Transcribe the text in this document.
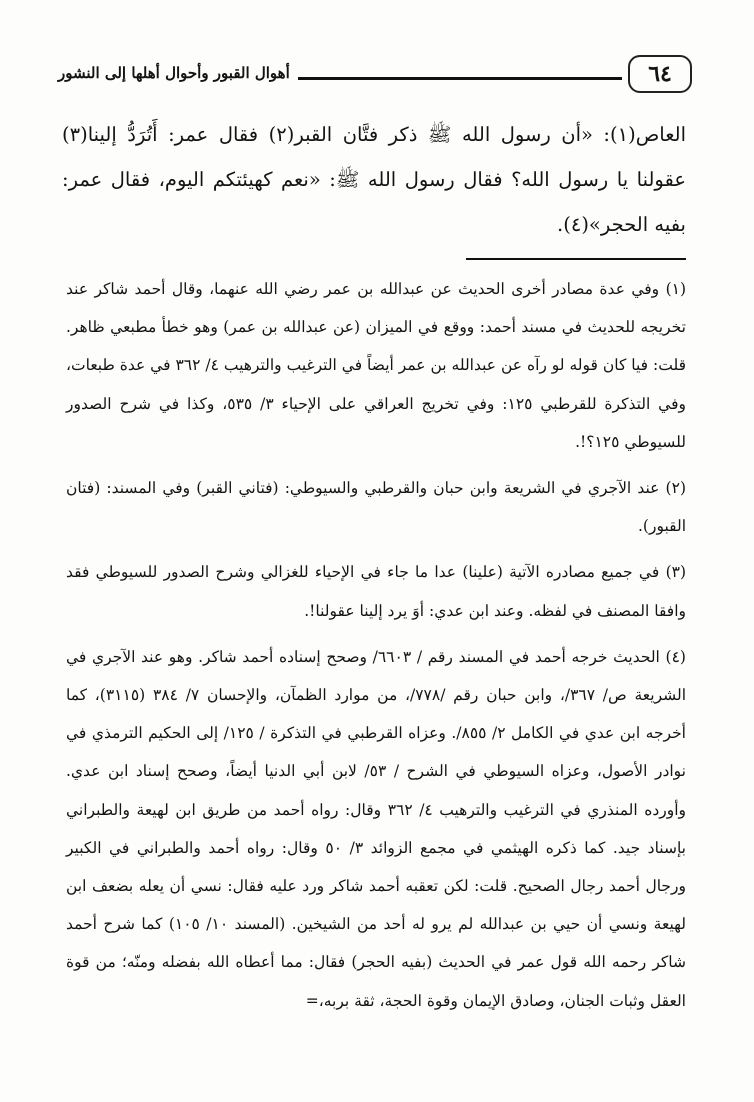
٦٤
أهوال القبور وأحوال أهلها إلى النشور

العاص(١): «أن رسول الله ﷺ ذكر فتَّان القبر(٢) فقال عمر: أَتُرَدُّ إلينا(٣) عقولنا يا رسول الله؟ فقال رسول الله ﷺ: «نعم كهيئتكم اليوم، فقال عمر: بفيه الحجر»(٤).

(١) وفي عدة مصادر أخرى الحديث عن عبدالله بن عمر رضي الله عنهما، وقال أحمد شاكر عند تخريجه للحديث في مسند أحمد: ووقع في الميزان (عن عبدالله بن عمر) وهو خطأ مطبعي ظاهر. قلت: فيا كان قوله لو رآه عن عبدالله بن عمر أيضاً في الترغيب والترهيب ٤/ ٣٦٢ في عدة طبعات، وفي التذكرة للقرطبي ١٢٥: وفي تخريج العراقي على الإحياء ٣/ ٥٣٥، وكذا في شرح الصدور للسيوطي ١٢٥؟!.

(٢) عند الآجري في الشريعة وابن حبان والقرطبي والسيوطي: (فتاني القبر) وفي المسند: (فتان القبور).

(٣) في جميع مصادره الآتية (علينا) عدا ما جاء في الإحياء للغزالي وشرح الصدور للسيوطي فقد وافقا المصنف في لفظه. وعند ابن عدي: أوَ يرد إلينا عقولنا!.

(٤) الحديث خرجه أحمد في المسند رقم / ٦٦٠٣/ وصحح إسناده أحمد شاكر. وهو عند الآجري في الشريعة ص/ ٣٦٧/، وابن حبان رقم /٧٧٨/، من موارد الظمآن، والإحسان ٧/ ٣٨٤ (٣١١٥)، كما أخرجه ابن عدي في الكامل ٢/ ٨٥٥/. وعزاه القرطبي في التذكرة / ١٢٥/ إلى الحكيم الترمذي في نوادر الأصول، وعزاه السيوطي في الشرح / ٥٣/ لابن أبي الدنيا أيضاً، وصحح إسناد ابن عدي. وأورده المنذري في الترغيب والترهيب ٤/ ٣٦٢ وقال: رواه أحمد من طريق ابن لهيعة والطبراني بإسناد جيد. كما ذكره الهيثمي في مجمع الزوائد ٣/ ٥٠ وقال: رواه أحمد والطبراني في الكبير ورجال أحمد رجال الصحيح. قلت: لكن تعقبه أحمد شاكر ورد عليه فقال: نسي أن يعله بضعف ابن لهيعة ونسي أن حيي بن عبدالله لم يرو له أحد من الشيخين. (المسند ١٠/ ١٠٥) كما شرح أحمد شاكر رحمه الله قول عمر في الحديث (بفيه الحجر) فقال: مما أعطاه الله بفضله ومنّه؛ من قوة العقل وثبات الجنان، وصادق الإيمان وقوة الحجة، ثقة بربه،=
